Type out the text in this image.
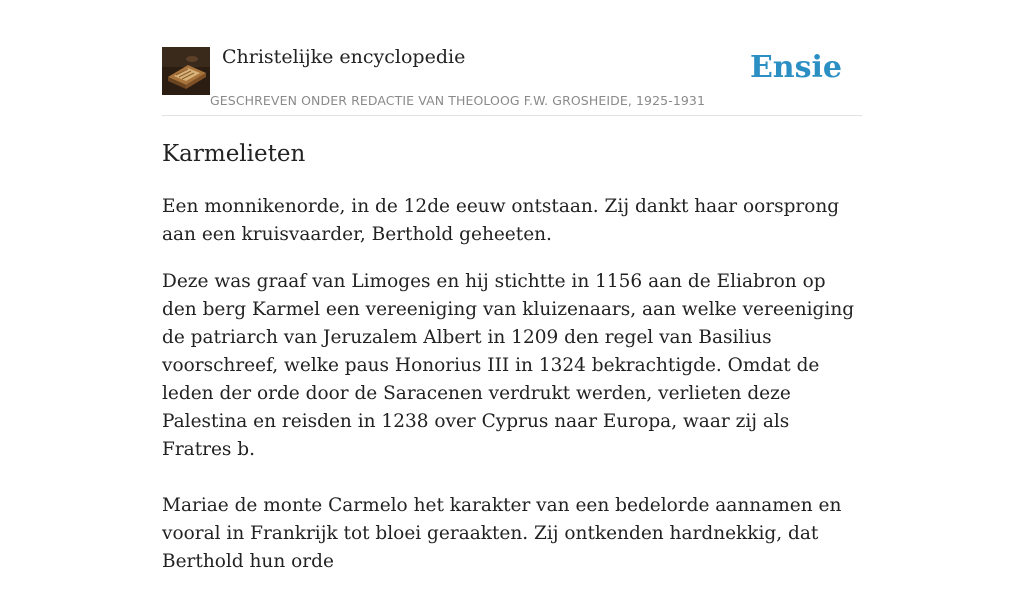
Christelijke encyclopedie
GESCHREVEN ONDER REDACTIE VAN THEOLOOG F.W. GROSHEIDE, 1925-1931
Ensie
Karmelieten

Een monnikenorde, in de 12de eeuw ontstaan. Zij dankt haar oorsprong aan een kruisvaarder, Berthold geheeten.

Deze was graaf van Limoges en hij stichtte in 1156 aan de Eliabron op den berg Karmel een vereeniging van kluizenaars, aan welke vereeniging de patriarch van Jeruzalem Albert in 1209 den regel van Basilius voorschreef, welke paus Honorius III in 1324 bekrachtigde. Omdat de leden der orde door de Saracenen verdrukt werden, verlieten deze Palestina en reisden in 1238 over Cyprus naar Europa, waar zij als Fratres b.

Mariae de monte Carmelo het karakter van een bedelorde aannamen en vooral in Frankrijk tot bloei geraakten. Zij ontkenden hardnekkig, dat Berthold hun orde
